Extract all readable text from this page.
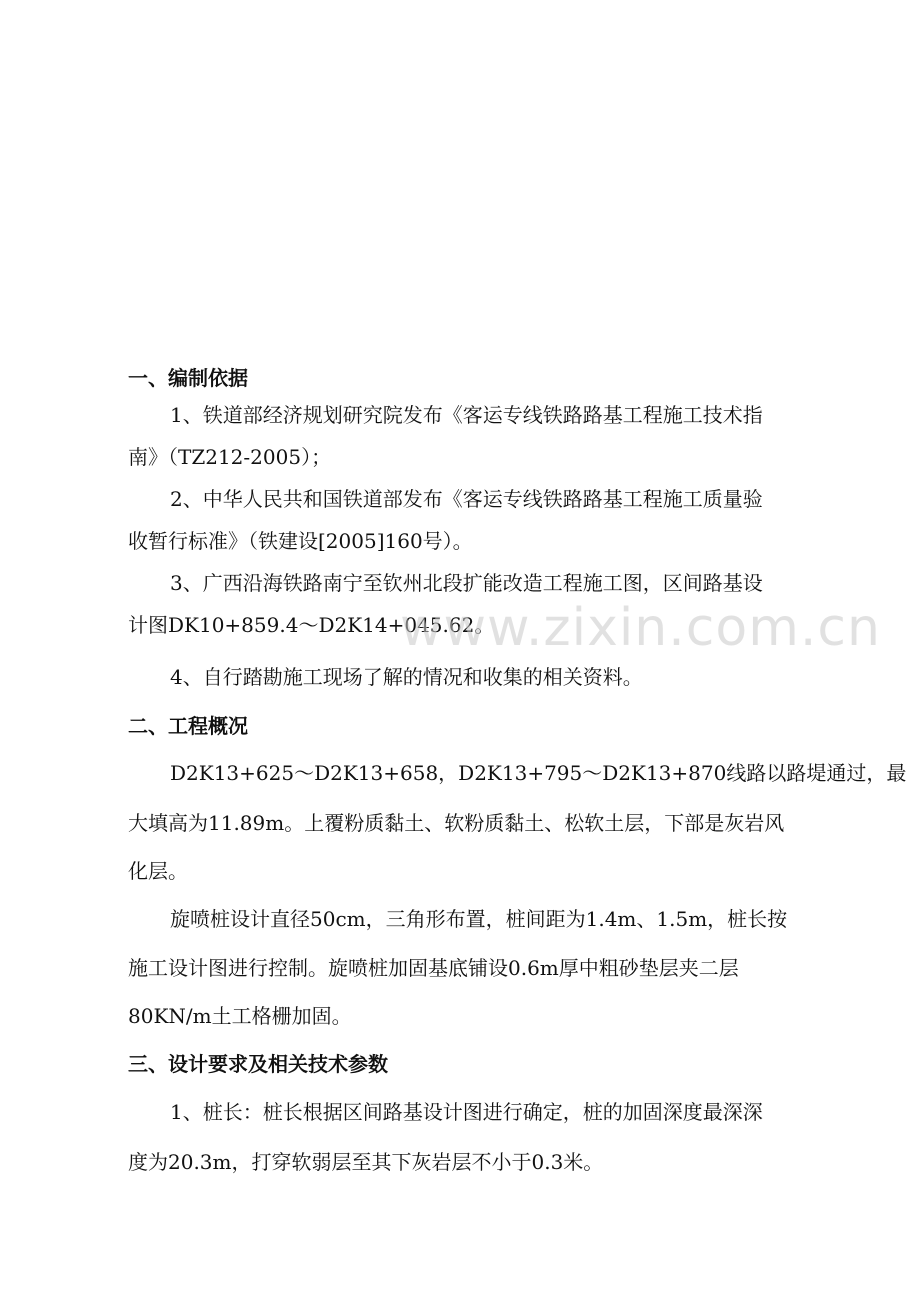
一、编制依据
1、铁道部经济规划研究院发布《客运专线铁路路基工程施工技术指
南》（TZ212-2005）；
2、中华人民共和国铁道部发布《客运专线铁路路基工程施工质量验
收暂行标准》（铁建设[2005]160号）。
3、广西沿海铁路南宁至钦州北段扩能改造工程施工图，区间路基设
计图DK10+859.4～D2K14+045.62。
4、自行踏勘施工现场了解的情况和收集的相关资料。
二、工程概况
D2K13+625～D2K13+658，D2K13+795～D2K13+870线路以路堤通过，最
大填高为11.89m。上覆粉质黏土、软粉质黏土、松软土层，下部是灰岩风
化层。
旋喷桩设计直径50cm，三角形布置，桩间距为1.4m、1.5m，桩长按
施工设计图进行控制。旋喷桩加固基底铺设0.6m厚中粗砂垫层夹二层
80KN/m土工格栅加固。
三、设计要求及相关技术参数
1、桩长：桩长根据区间路基设计图进行确定，桩的加固深度最深深
度为20.3m，打穿软弱层至其下灰岩层不小于0.3米。
www.zixin.com.cn
